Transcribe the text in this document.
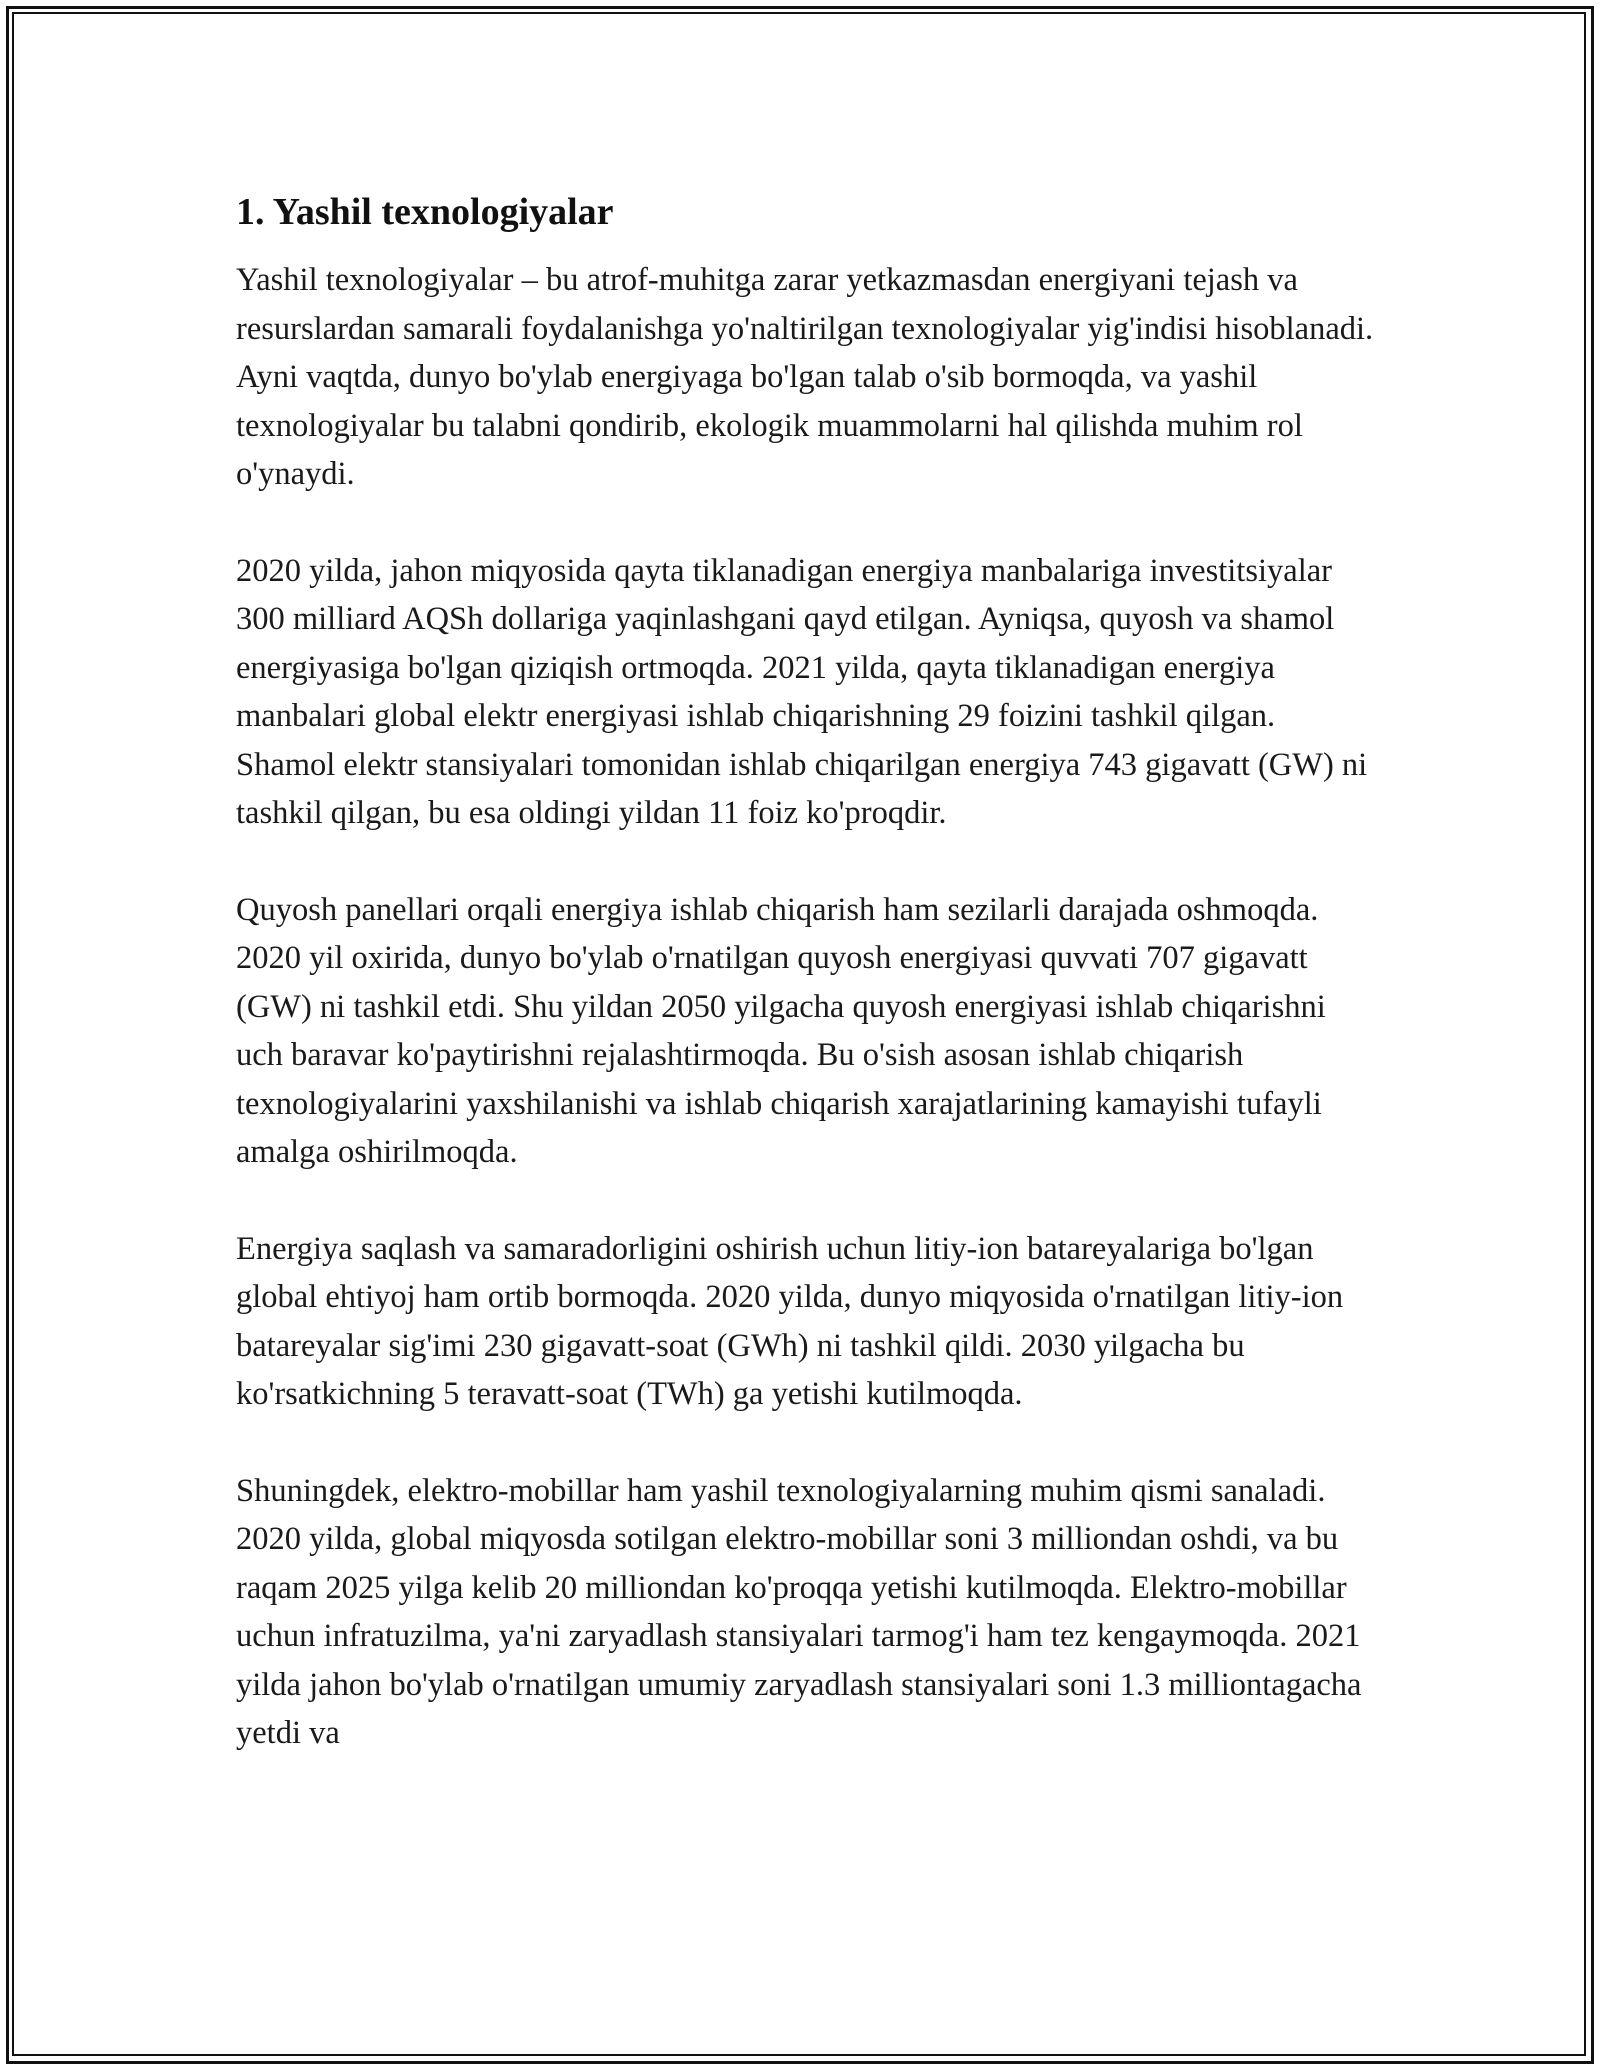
1. Yashil texnologiyalar

Yashil texnologiyalar – bu atrof-muhitga zarar yetkazmasdan energiyani tejash va resurslardan samarali foydalanishga yo'naltirilgan texnologiyalar yig'indisi hisoblanadi. Ayni vaqtda, dunyo bo'ylab energiyaga bo'lgan talab o'sib bormoqda, va yashil texnologiyalar bu talabni qondirib, ekologik muammolarni hal qilishda muhim rol o'ynaydi.

2020 yilda, jahon miqyosida qayta tiklanadigan energiya manbalariga investitsiyalar 300 milliard AQSh dollariga yaqinlashgani qayd etilgan. Ayniqsa, quyosh va shamol energiyasiga bo'lgan qiziqish ortmoqda. 2021 yilda, qayta tiklanadigan energiya manbalari global elektr energiyasi ishlab chiqarishning 29 foizini tashkil qilgan. Shamol elektr stansiyalari tomonidan ishlab chiqarilgan energiya 743 gigavatt (GW) ni tashkil qilgan, bu esa oldingi yildan 11 foiz ko'proqdir.

Quyosh panellari orqali energiya ishlab chiqarish ham sezilarli darajada oshmoqda. 2020 yil oxirida, dunyo bo'ylab o'rnatilgan quyosh energiyasi quvvati 707 gigavatt (GW) ni tashkil etdi. Shu yildan 2050 yilgacha quyosh energiyasi ishlab chiqarishni uch baravar ko'paytirishni rejalashtirmoqda. Bu o'sish asosan ishlab chiqarish texnologiyalarini yaxshilanishi va ishlab chiqarish xarajatlarining kamayishi tufayli amalga oshirilmoqda.

Energiya saqlash va samaradorligini oshirish uchun litiy-ion batareyalariga bo'lgan global ehtiyoj ham ortib bormoqda. 2020 yilda, dunyo miqyosida o'rnatilgan litiy-ion batareyalar sig'imi 230 gigavatt-soat (GWh) ni tashkil qildi. 2030 yilgacha bu ko'rsatkichning 5 teravatt-soat (TWh) ga yetishi kutilmoqda.

Shuningdek, elektro-mobillar ham yashil texnologiyalarning muhim qismi sanaladi. 2020 yilda, global miqyosda sotilgan elektro-mobillar soni 3 milliondan oshdi, va bu raqam 2025 yilga kelib 20 milliondan ko'proqqa yetishi kutilmoqda. Elektro-mobillar uchun infratuzilma, ya'ni zaryadlash stansiyalari tarmog'i ham tez kengaymoqda. 2021 yilda jahon bo'ylab o'rnatilgan umumiy zaryadlash stansiyalari soni 1.3 milliontagacha yetdi va
